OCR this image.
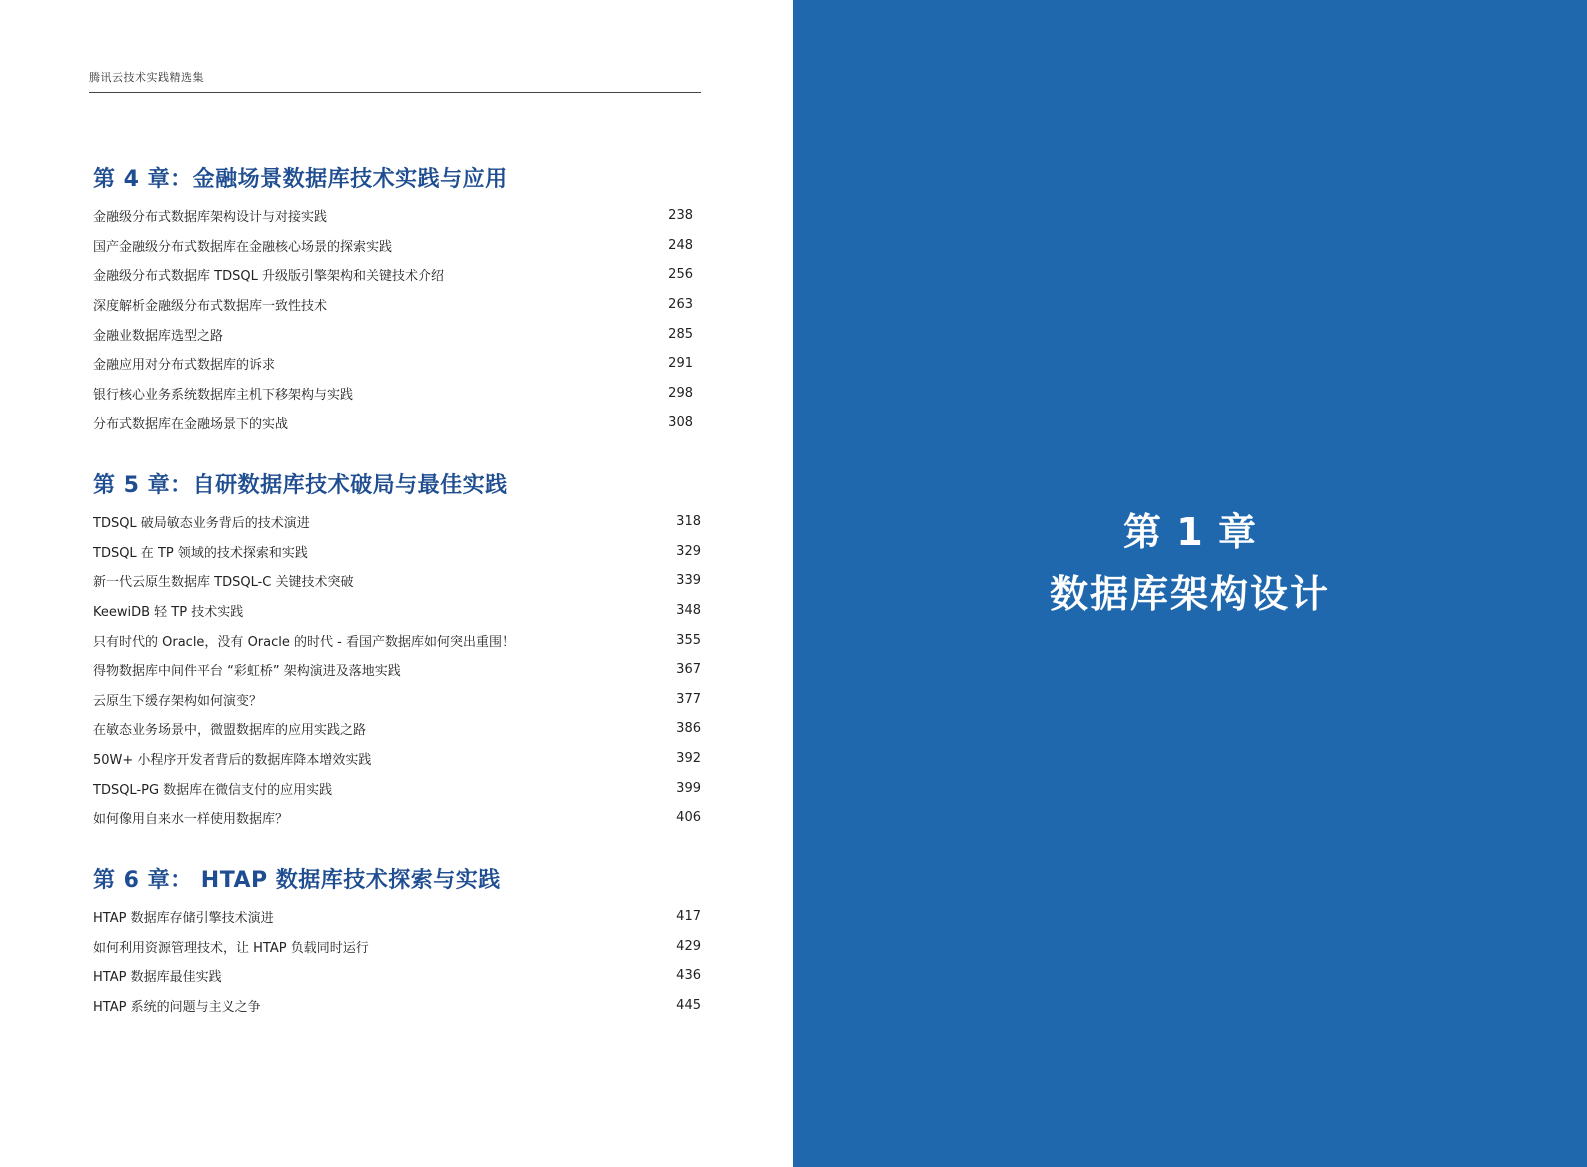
腾讯云技术实践精选集
第 4 章：金融场景数据库技术实践与应用
金融级分布式数据库架构设计与对接实践	238
国产金融级分布式数据库在金融核心场景的探索实践	248
金融级分布式数据库 TDSQL 升级版引擎架构和关键技术介绍	256
深度解析金融级分布式数据库一致性技术	263
金融业数据库选型之路	285
金融应用对分布式数据库的诉求	291
银行核心业务系统数据库主机下移架构与实践	298
分布式数据库在金融场景下的实战	308
第 5 章：自研数据库技术破局与最佳实践
TDSQL 破局敏态业务背后的技术演进	318
TDSQL 在 TP 领域的技术探索和实践	329
新一代云原生数据库 TDSQL-C 关键技术突破	339
KeewiDB 轻 TP 技术实践	348
只有时代的 Oracle，没有 Oracle 的时代 - 看国产数据库如何突出重围！	355
得物数据库中间件平台 “彩虹桥” 架构演进及落地实践	367
云原生下缓存架构如何演变？	377
在敏态业务场景中，微盟数据库的应用实践之路	386
50W+ 小程序开发者背后的数据库降本增效实践	392
TDSQL-PG 数据库在微信支付的应用实践	399
如何像用自来水一样使用数据库？	406
第 6 章： HTAP 数据库技术探索与实践
HTAP 数据库存储引擎技术演进	417
如何利用资源管理技术，让 HTAP 负载同时运行	429
HTAP 数据库最佳实践	436
HTAP 系统的问题与主义之争	445
第 1 章
数据库架构设计
